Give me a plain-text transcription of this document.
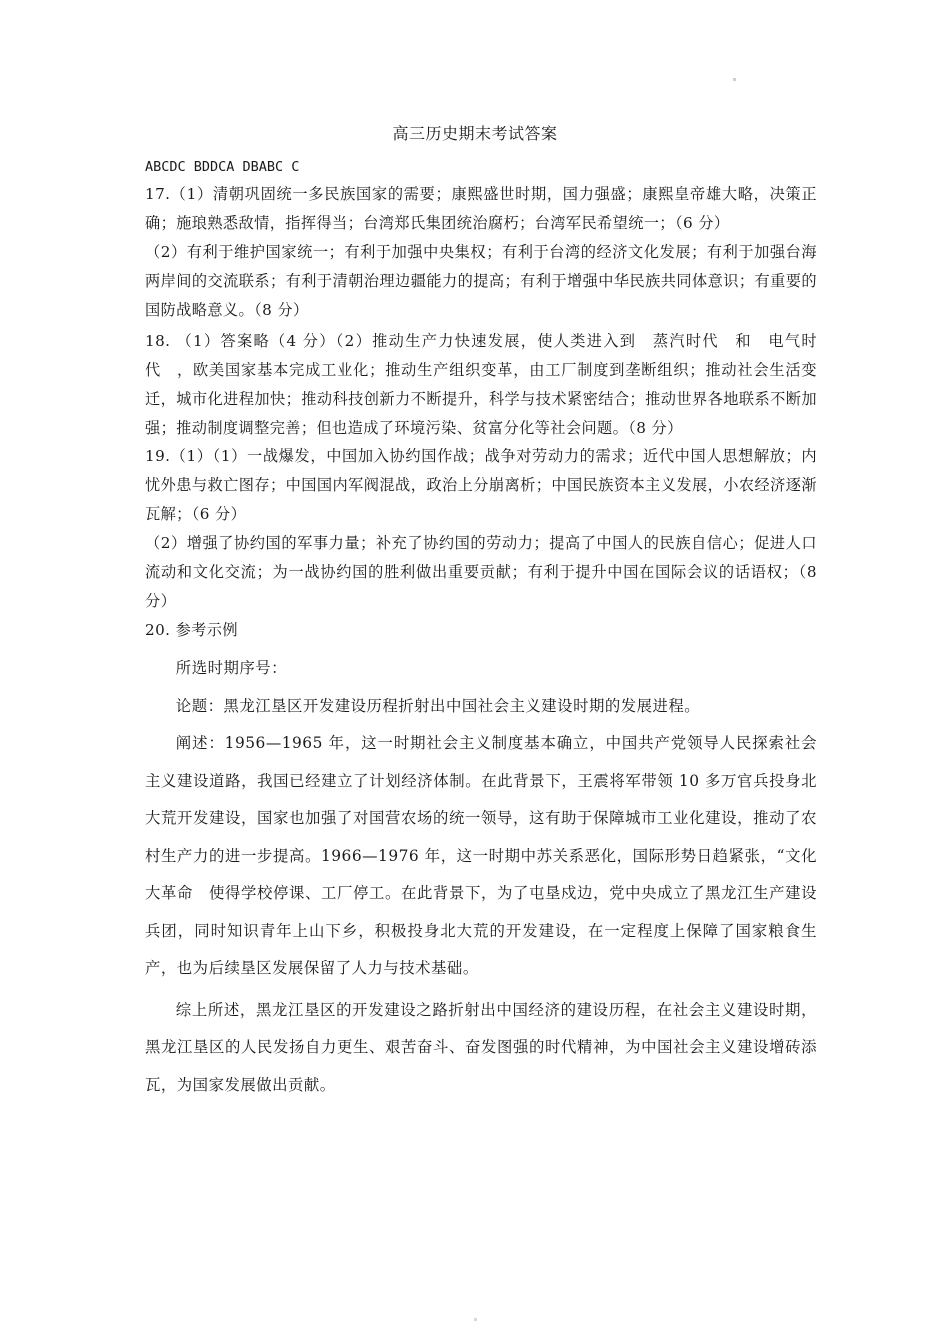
高三历史期末考试答案
ABCDC BDDCA DBABC C
17.（1）清朝巩固统一多民族国家的需要；康熙盛世时期，国力强盛；康熙皇帝雄大略，决策正确；施琅熟悉敌情，指挥得当；台湾郑氏集团统治腐朽；台湾军民希望统一；（6 分）
（2）有利于维护国家统一；有利于加强中央集权；有利于台湾的经济文化发展；有利于加强台海两岸间的交流联系；有利于清朝治理边疆能力的提高；有利于增强中华民族共同体意识；有重要的国防战略意义。（8 分）
18. （1）答案略（4 分）（2）推动生产力快速发展，使人类进入到　蒸汽时代　和　电气时代　，欧美国家基本完成工业化；推动生产组织变革，由工厂制度到垄断组织；推动社会生活变迁，城市化进程加快；推动科技创新力不断提升，科学与技术紧密结合；推动世界各地联系不断加强；推动制度调整完善；但也造成了环境污染、贫富分化等社会问题。（8 分）
19.（1）（1）一战爆发，中国加入协约国作战；战争对劳动力的需求；近代中国人思想解放；内忧外患与救亡图存；中国国内军阀混战，政治上分崩离析；中国民族资本主义发展，小农经济逐渐瓦解；（6 分）
（2）增强了协约国的军事力量；补充了协约国的劳动力；提高了中国人的民族自信心；促进人口流动和文化交流；为一战协约国的胜利做出重要贡献；有利于提升中国在国际会议的话语权；（8 分）
20. 参考示例

所选时期序号：

论题：黑龙江垦区开发建设历程折射出中国社会主义建设时期的发展进程。

阐述：1956—1965 年，这一时期社会主义制度基本确立，中国共产党领导人民探索社会主义建设道路，我国已经建立了计划经济体制。在此背景下，王震将军带领 10 多万官兵投身北大荒开发建设，国家也加强了对国营农场的统一领导，这有助于保障城市工业化建设，推动了农村生产力的进一步提高。1966—1976 年，这一时期中苏关系恶化，国际形势日趋紧张，“文化大革命　使得学校停课、工厂停工。在此背景下，为了屯垦戍边，党中央成立了黑龙江生产建设兵团，同时知识青年上山下乡，积极投身北大荒的开发建设，在一定程度上保障了国家粮食生产，也为后续垦区发展保留了人力与技术基础。

综上所述，黑龙江垦区的开发建设之路折射出中国经济的建设历程，在社会主义建设时期，黑龙江垦区的人民发扬自力更生、艰苦奋斗、奋发图强的时代精神，为中国社会主义建设增砖添瓦，为国家发展做出贡献。
